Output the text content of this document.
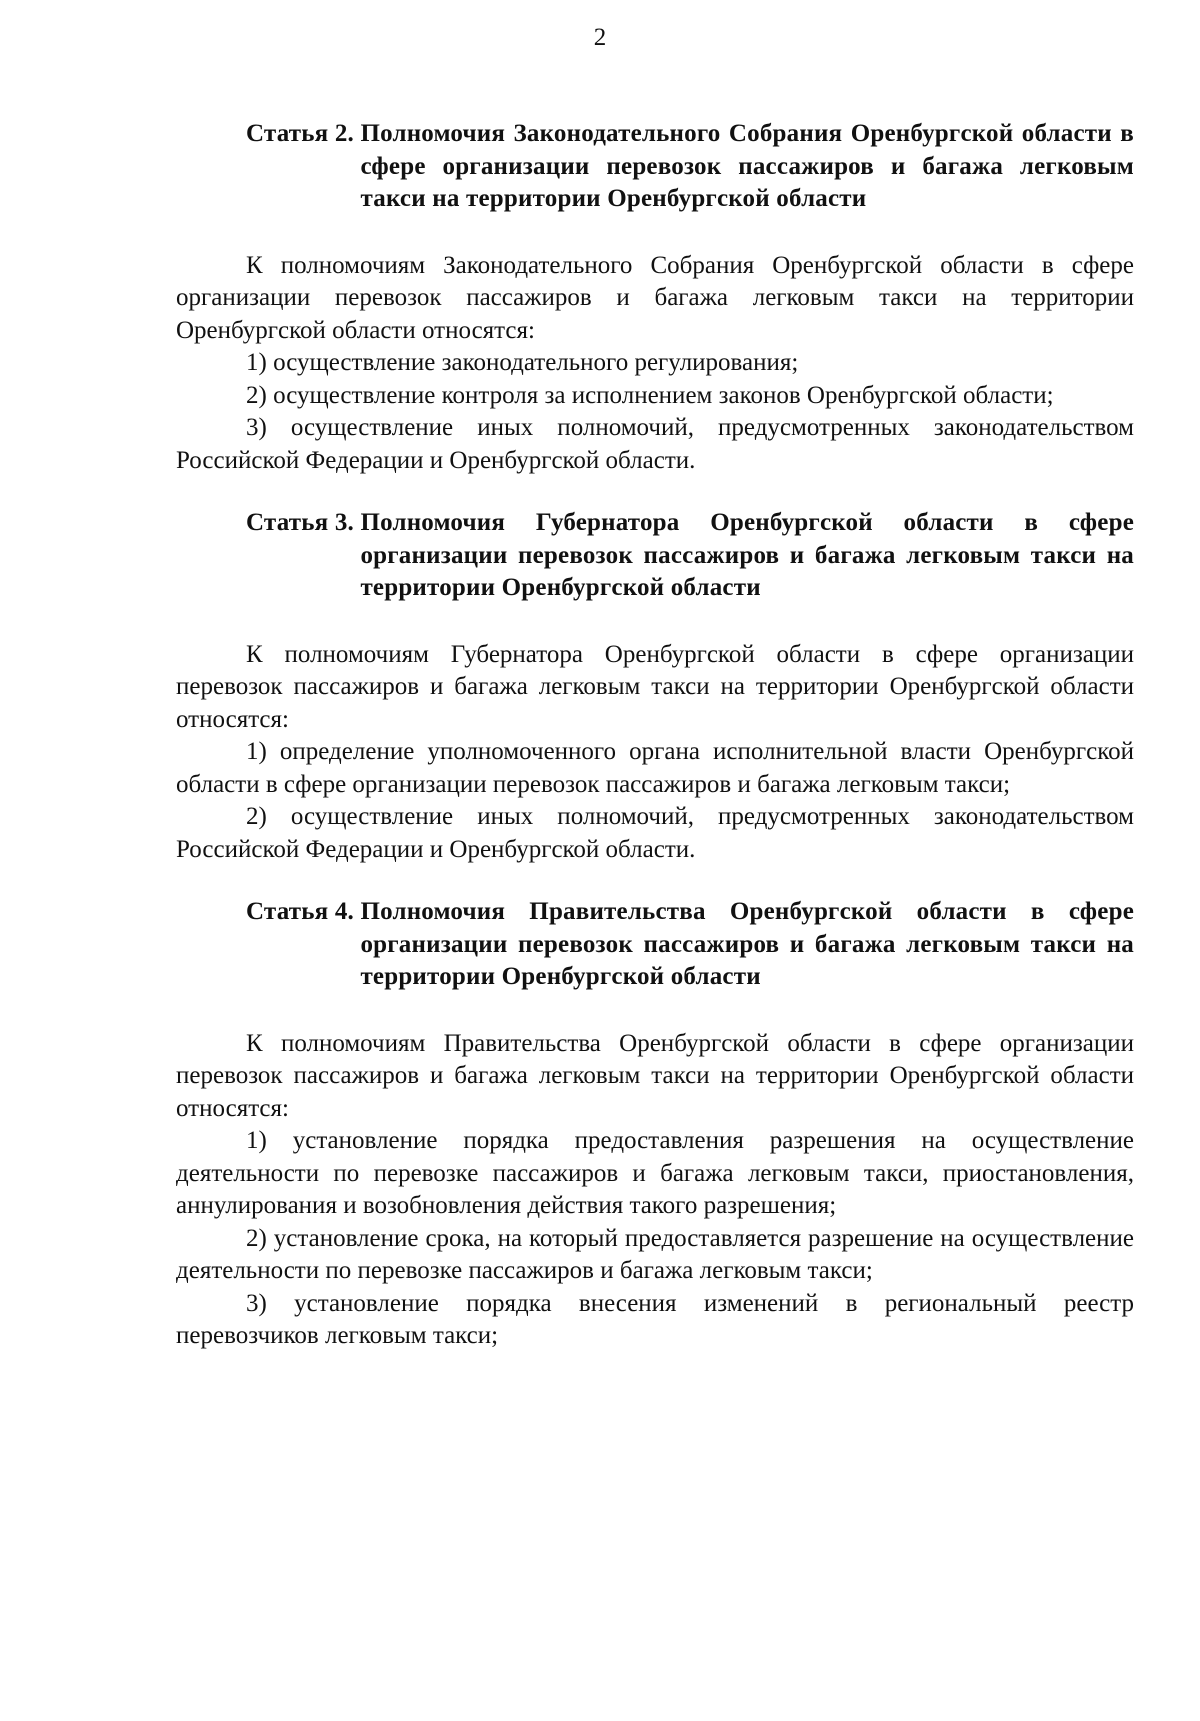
2
Статья 2. Полномочия Законодательного Собрания Оренбургской области в сфере организации перевозок пассажиров и багажа легковым такси на территории Оренбургской области

К полномочиям Законодательного Собрания Оренбургской области в сфере организации перевозок пассажиров и багажа легковым такси на территории Оренбургской области относятся:

1) осуществление законодательного регулирования;

2) осуществление контроля за исполнением законов Оренбургской области;

3) осуществление иных полномочий, предусмотренных законодательством Российской Федерации и Оренбургской области.

Статья 3. Полномочия Губернатора Оренбургской области в сфере организации перевозок пассажиров и багажа легковым такси на территории Оренбургской области

К полномочиям Губернатора Оренбургской области в сфере организации перевозок пассажиров и багажа легковым такси на территории Оренбургской области относятся:

1) определение уполномоченного органа исполнительной власти Оренбургской области в сфере организации перевозок пассажиров и багажа легковым такси;

2) осуществление иных полномочий, предусмотренных законодательством Российской Федерации и Оренбургской области.

Статья 4. Полномочия Правительства Оренбургской области в сфере организации перевозок пассажиров и багажа легковым такси на территории Оренбургской области

К полномочиям Правительства Оренбургской области в сфере организации перевозок пассажиров и багажа легковым такси на территории Оренбургской области относятся:

1) установление порядка предоставления разрешения на осуществление деятельности по перевозке пассажиров и багажа легковым такси, приостановления, аннулирования и возобновления действия такого разрешения;

2) установление срока, на который предоставляется разрешение на осуществление деятельности по перевозке пассажиров и багажа легковым такси;

3) установление порядка внесения изменений в региональный реестр перевозчиков легковым такси;
